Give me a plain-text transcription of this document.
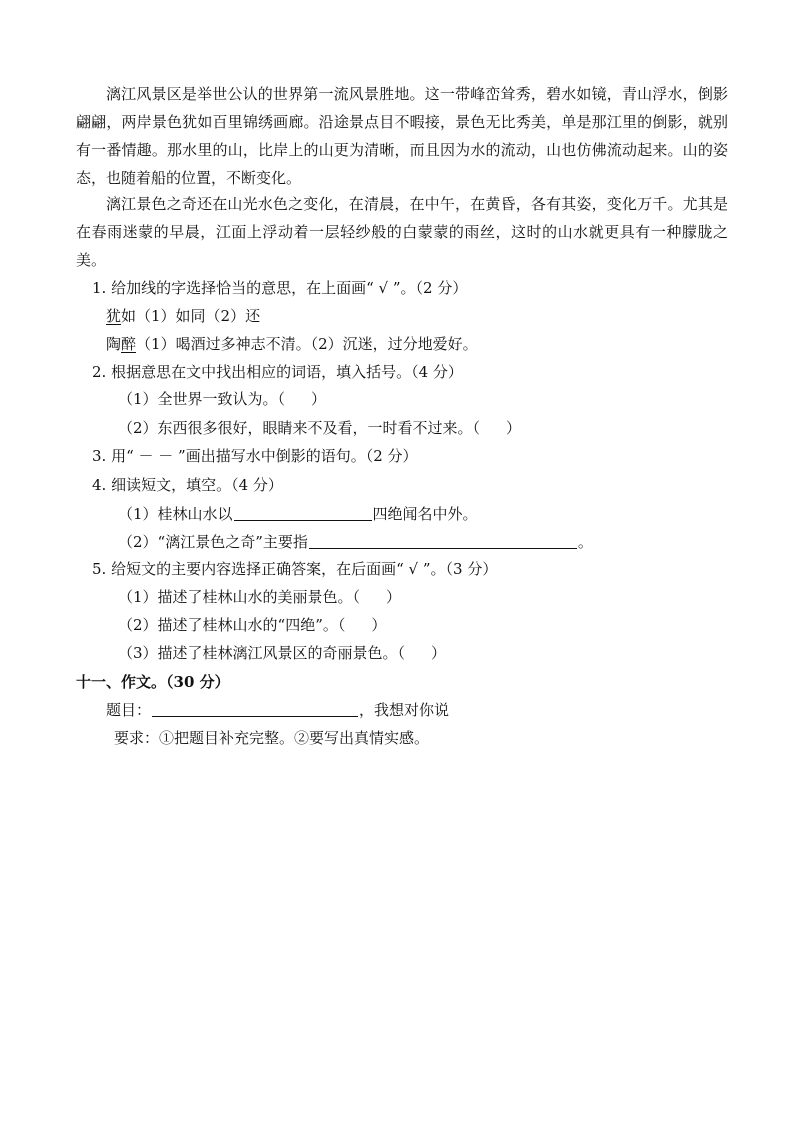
漓江风景区是举世公认的世界第一流风景胜地。这一带峰峦耸秀，碧水如镜，青山浮水，倒影翩翩，两岸景色犹如百里锦绣画廊。沿途景点目不暇接，景色无比秀美，单是那江里的倒影，就别有一番情趣。那水里的山，比岸上的山更为清晰，而且因为水的流动，山也仿佛流动起来。山的姿态，也随着船的位置，不断变化。
漓江景色之奇还在山光水色之变化，在清晨，在中午，在黄昏，各有其姿，变化万千。尤其是在春雨迷蒙的早晨，江面上浮动着一层轻纱般的白蒙蒙的雨丝，这时的山水就更具有一种朦胧之美。
1. 给加线的字选择恰当的意思，在上面画“ √ ”。（2 分）
犹如（1）如同（2）还
陶醉（1）喝酒过多神志不清。（2）沉迷，过分地爱好。
2. 根据意思在文中找出相应的词语，填入括号。（4 分）
（1）全世界一致认为。（ ）
（2）东西很多很好，眼睛来不及看，一时看不过来。（ ）
3. 用“ － － ”画出描写水中倒影的语句。（2 分）
4. 细读短文，填空。（4 分）
（1）桂林山水以	四绝闻名中外。
（2）“漓江景色之奇”主要指	。
5. 给短文的主要内容选择正确答案，在后面画“ √ ”。（3 分）
（1）描述了桂林山水的美丽景色。（ ）
（2）描述了桂林山水的“四绝”。（ ）
（3）描述了桂林漓江风景区的奇丽景色。（ ）
十一、作文。（30 分）
题目：	，我想对你说
要求：①把题目补充完整。②要写出真情实感。
